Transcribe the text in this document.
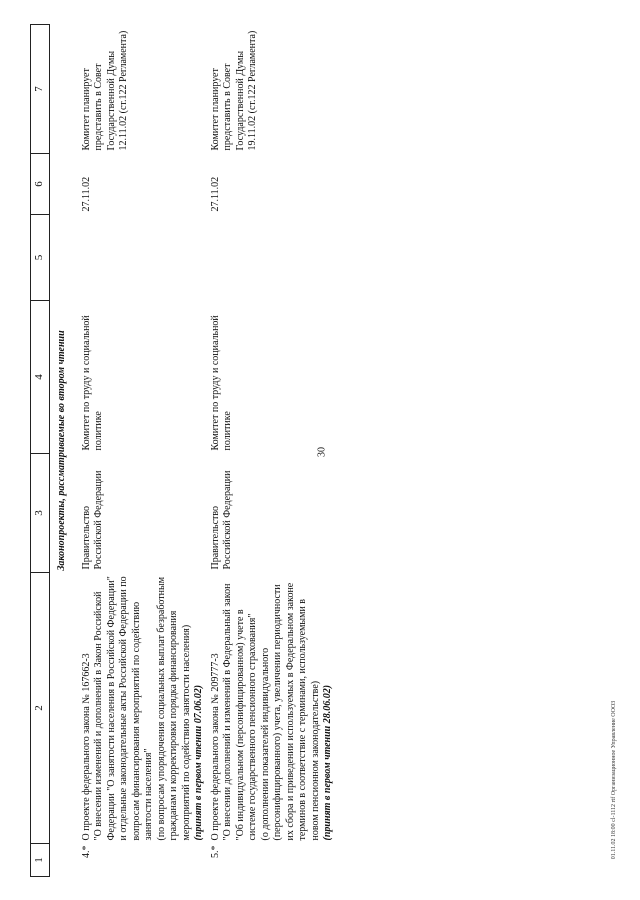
30
1	2	3	4	5	6	7
Законопроекты, рассматриваемые во втором чтении						
4.*	О проекте федерального закона № 167662-3 "О внесении изменений и дополнений в Закон Российской Федерации "О занятости населения в Российской Федерации" и отдельные законодательные акты Российской Федерации по вопросам финансирования мероприятий по содействию занятости населения" (по вопросам упорядочения социальных выплат безработным гражданам и корректировки порядка финансирования мероприятий по содействию занятости населения) (принят в первом чтении 07.06.02)	Правительство Российской Федерации	Комитет по труду и социальной политике		27.11.02	Комитет планирует представить в Совет Государственной Думы 12.11.02 (ст.122 Регламента)
5.*	О проекте федерального закона № 209777-3 "О внесении дополнений и изменений в Федеральный закон "Об индивидуальном (персонифицированном) учете в системе государственного пенсионного страхования" (о дополнении показателей индивидуального (персонифицированного) учета, увеличении периодичности их сбора и приведении используемых в Федеральном законе терминов в соответствие с терминами, используемыми в новом пенсионном законодательстве) (принят в первом чтении 28.06.02)	Правительство Российской Федерации	Комитет по труду и социальной политике		27.11.02	Комитет планирует представить в Совет Государственной Думы 19.11.02 (ст.122 Регламента)
01.11.02 18:00 cl-1112 rtf Организационное Управление ООО3
